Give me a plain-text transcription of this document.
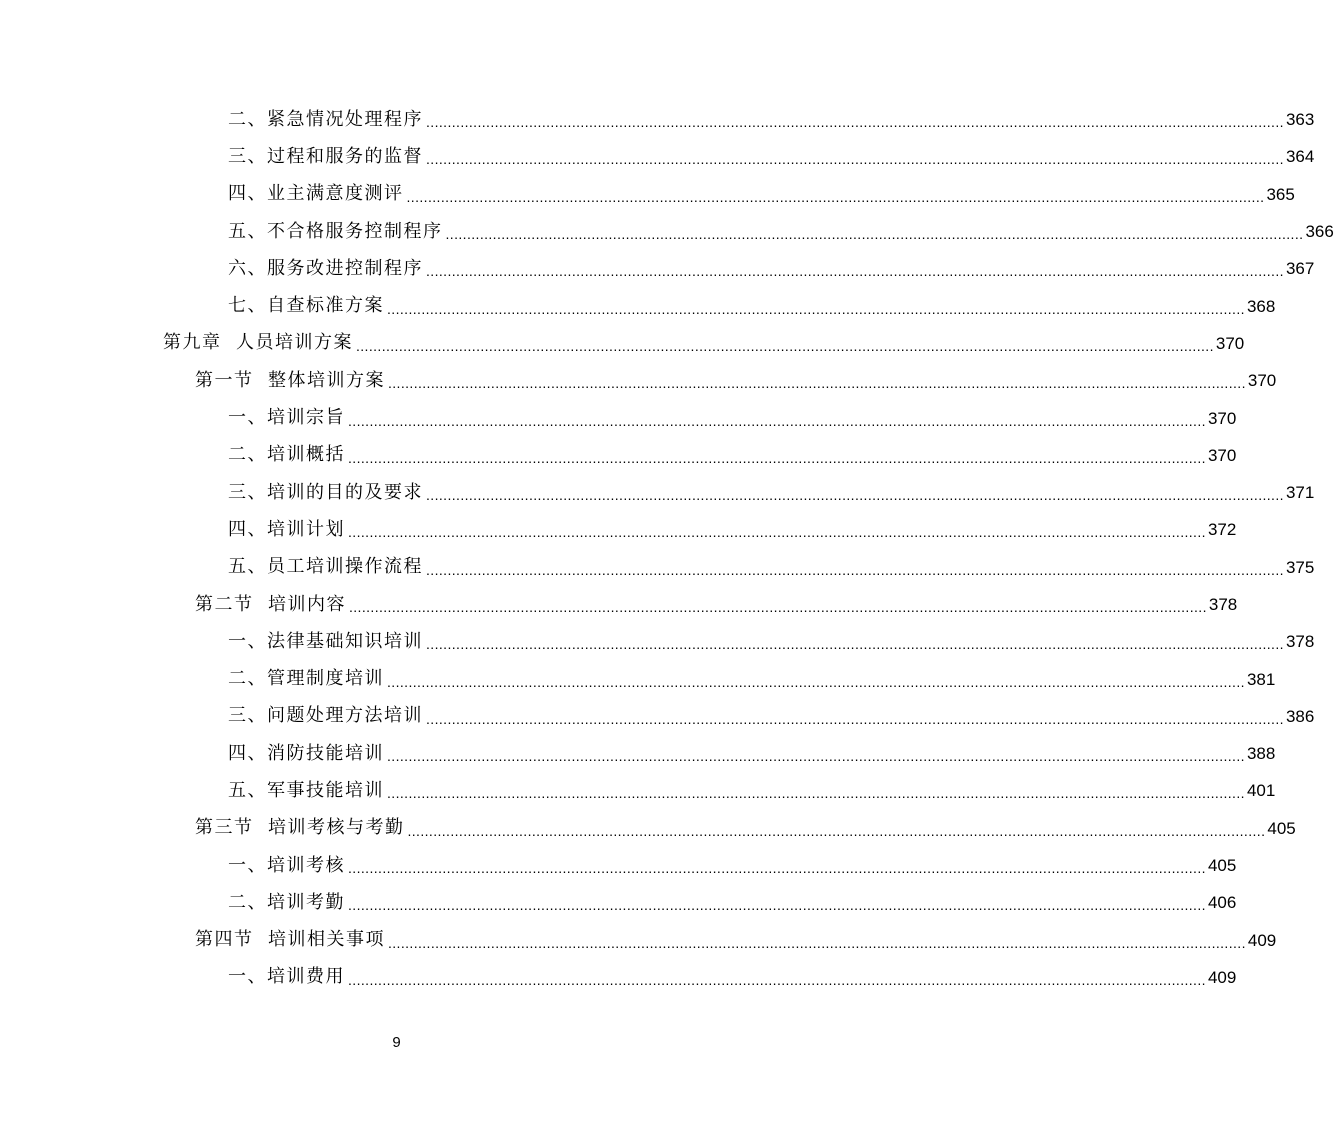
二、紧急情况处理程序 ........................................................................................................................................................................................................ 363
三、过程和服务的监督 ........................................................................................................................................................................................................ 364
四、业主满意度测评 ........................................................................................................................................................................................................ 365
五、不合格服务控制程序 ........................................................................................................................................................................................................ 366
六、服务改进控制程序 ........................................................................................................................................................................................................ 367
七、自查标准方案 ........................................................................................................................................................................................................ 368
第九章  人员培训方案 ........................................................................................................................................................................................................ 370
第一节  整体培训方案 ........................................................................................................................................................................................................ 370
一、培训宗旨 ........................................................................................................................................................................................................ 370
二、培训概括 ........................................................................................................................................................................................................ 370
三、培训的目的及要求 ........................................................................................................................................................................................................ 371
四、培训计划 ........................................................................................................................................................................................................ 372
五、员工培训操作流程 ........................................................................................................................................................................................................ 375
第二节  培训内容 ........................................................................................................................................................................................................ 378
一、法律基础知识培训 ........................................................................................................................................................................................................ 378
二、管理制度培训 ........................................................................................................................................................................................................ 381
三、问题处理方法培训 ........................................................................................................................................................................................................ 386
四、消防技能培训 ........................................................................................................................................................................................................ 388
五、军事技能培训 ........................................................................................................................................................................................................ 401
第三节  培训考核与考勤 ........................................................................................................................................................................................................ 405
一、培训考核 ........................................................................................................................................................................................................ 405
二、培训考勤 ........................................................................................................................................................................................................ 406
第四节  培训相关事项 ........................................................................................................................................................................................................ 409
一、培训费用 ........................................................................................................................................................................................................ 409
9
